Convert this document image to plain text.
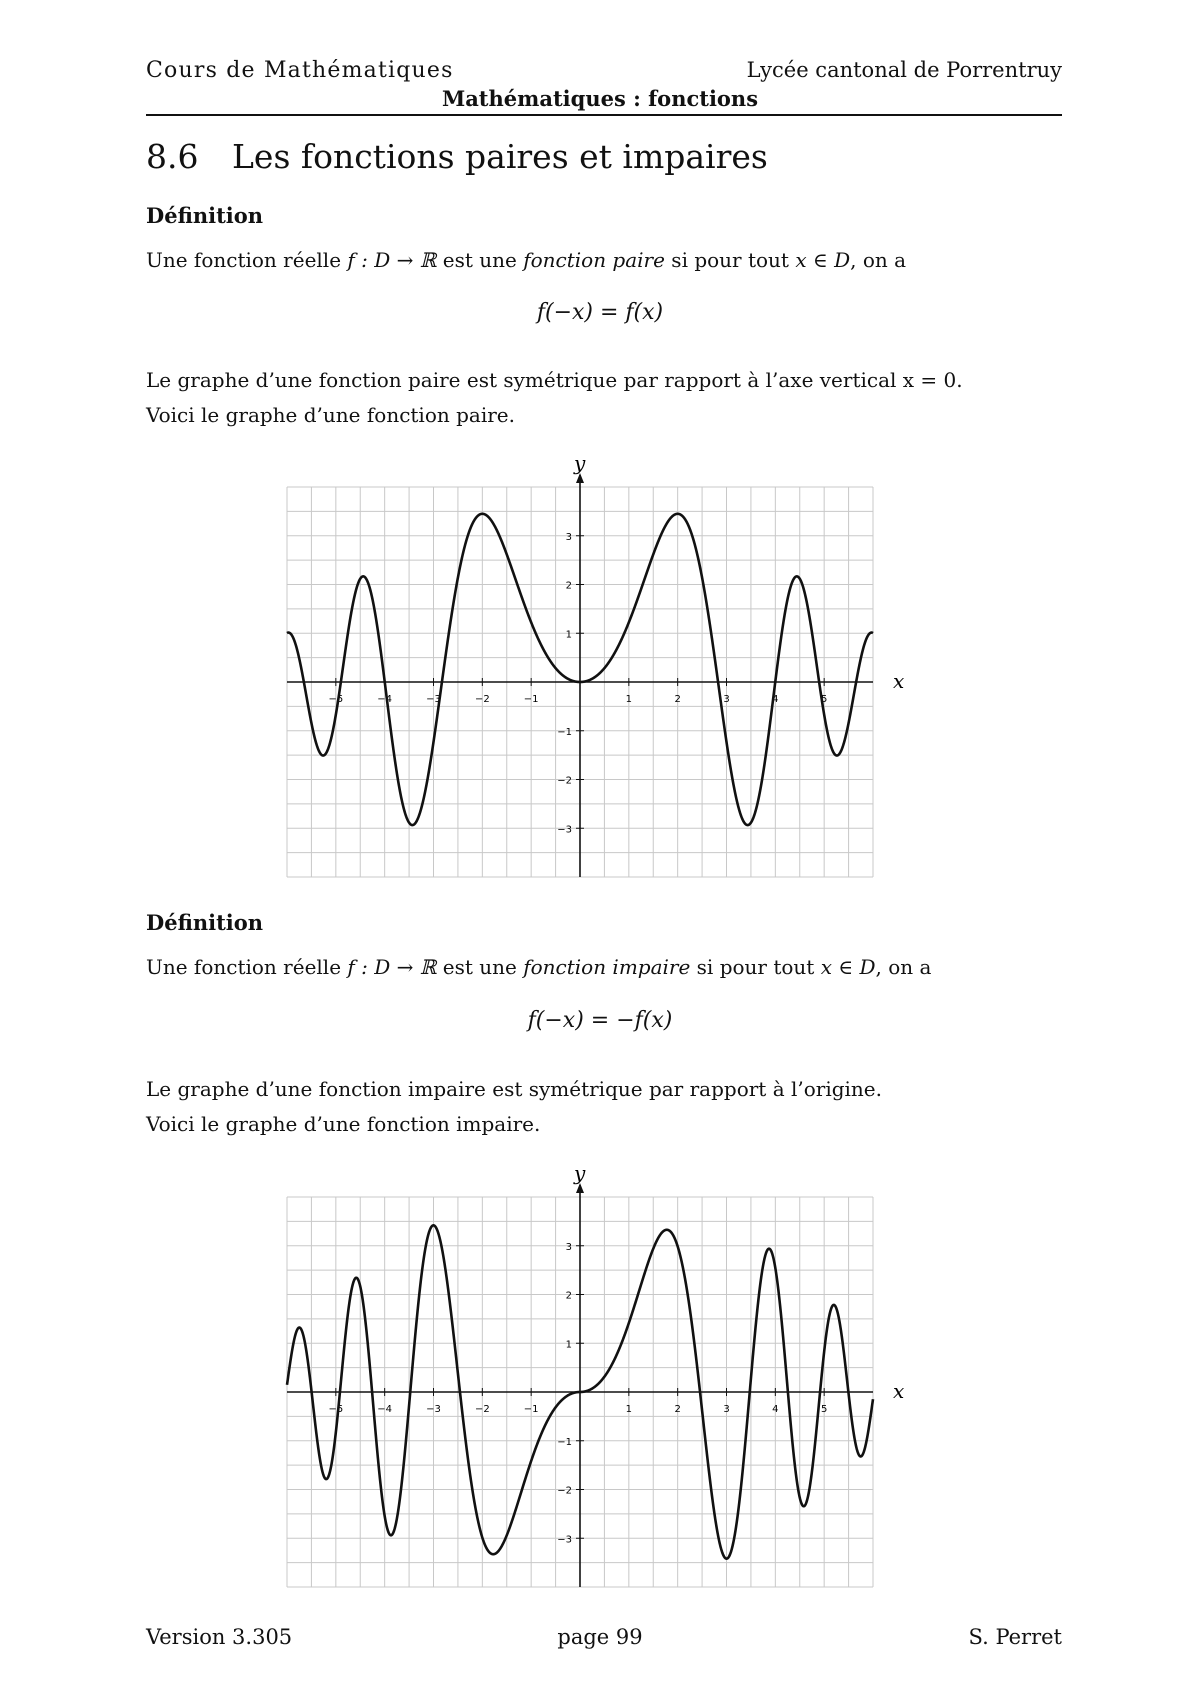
Cours de Mathématiques	Lycée cantonal de Porrentruy
Mathématiques : fonctions
8.6 Les fonctions paires et impaires
Définition
Une fonction réelle f : D → ℝ est une fonction paire si pour tout x ∈ D, on a
f(−x) = f(x)
Le graphe d’une fonction paire est symétrique par rapport à l’axe vertical x = 0.
Voici le graphe d’une fonction paire.
x
y
−5	−4	−3	−2	−1	1	2	3	4	5
−3
−2
−1
1
2
3
Définition
Une fonction réelle f : D → ℝ est une fonction impaire si pour tout x ∈ D, on a
f(−x) = −f(x)
Le graphe d’une fonction impaire est symétrique par rapport à l’origine.
Voici le graphe d’une fonction impaire.
x
y
−5	−4	−3	−2	−1	1	2	3	4	5
−3
−2
−1
1
2
3
Version 3.305	page 99	S. Perret
